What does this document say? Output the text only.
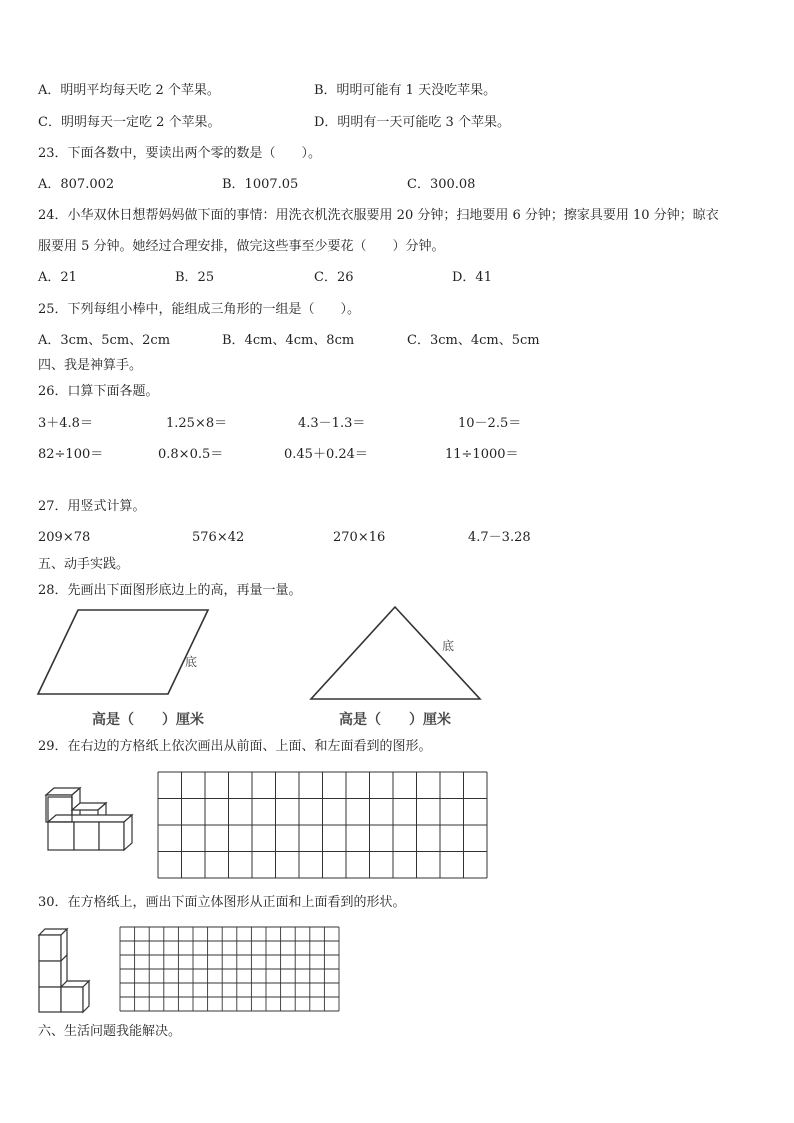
A．明明平均每天吃 2 个苹果。	B．明明可能有 1 天没吃苹果。
C．明明每天一定吃 2 个苹果。	D．明明有一天可能吃 3 个苹果。
23．下面各数中，要读出两个零的数是（　　）。
A．807.002	B．1007.05	C．300.08
24．小华双休日想帮妈妈做下面的事情：用洗衣机洗衣服要用 20 分钟；扫地要用 6 分钟；擦家具要用 10 分钟；晾衣
服要用 5 分钟。她经过合理安排，做完这些事至少要花（　　）分钟。
A．21	B．25	C．26	D．41
25．下列每组小棒中，能组成三角形的一组是（　　）。
A．3cm、5cm、2cm	B．4cm、4cm、8cm	C．3cm、4cm、5cm
四、我是神算手。
26．口算下面各题。
3＋4.8＝	1.25×8＝	4.3－1.3＝	10－2.5＝
82÷100＝	0.8×0.5＝	0.45＋0.24＝	11÷1000＝
27．用竖式计算。
209×78	576×42	270×16	4.7－3.28
五、动手实践。
28．先画出下面图形底边上的高，再量一量。
底
底
高是（　　）厘米	高是（　　）厘米
29．在右边的方格纸上依次画出从前面、上面、和左面看到的图形。
30．在方格纸上，画出下面立体图形从正面和上面看到的形状。
六、生活问题我能解决。
